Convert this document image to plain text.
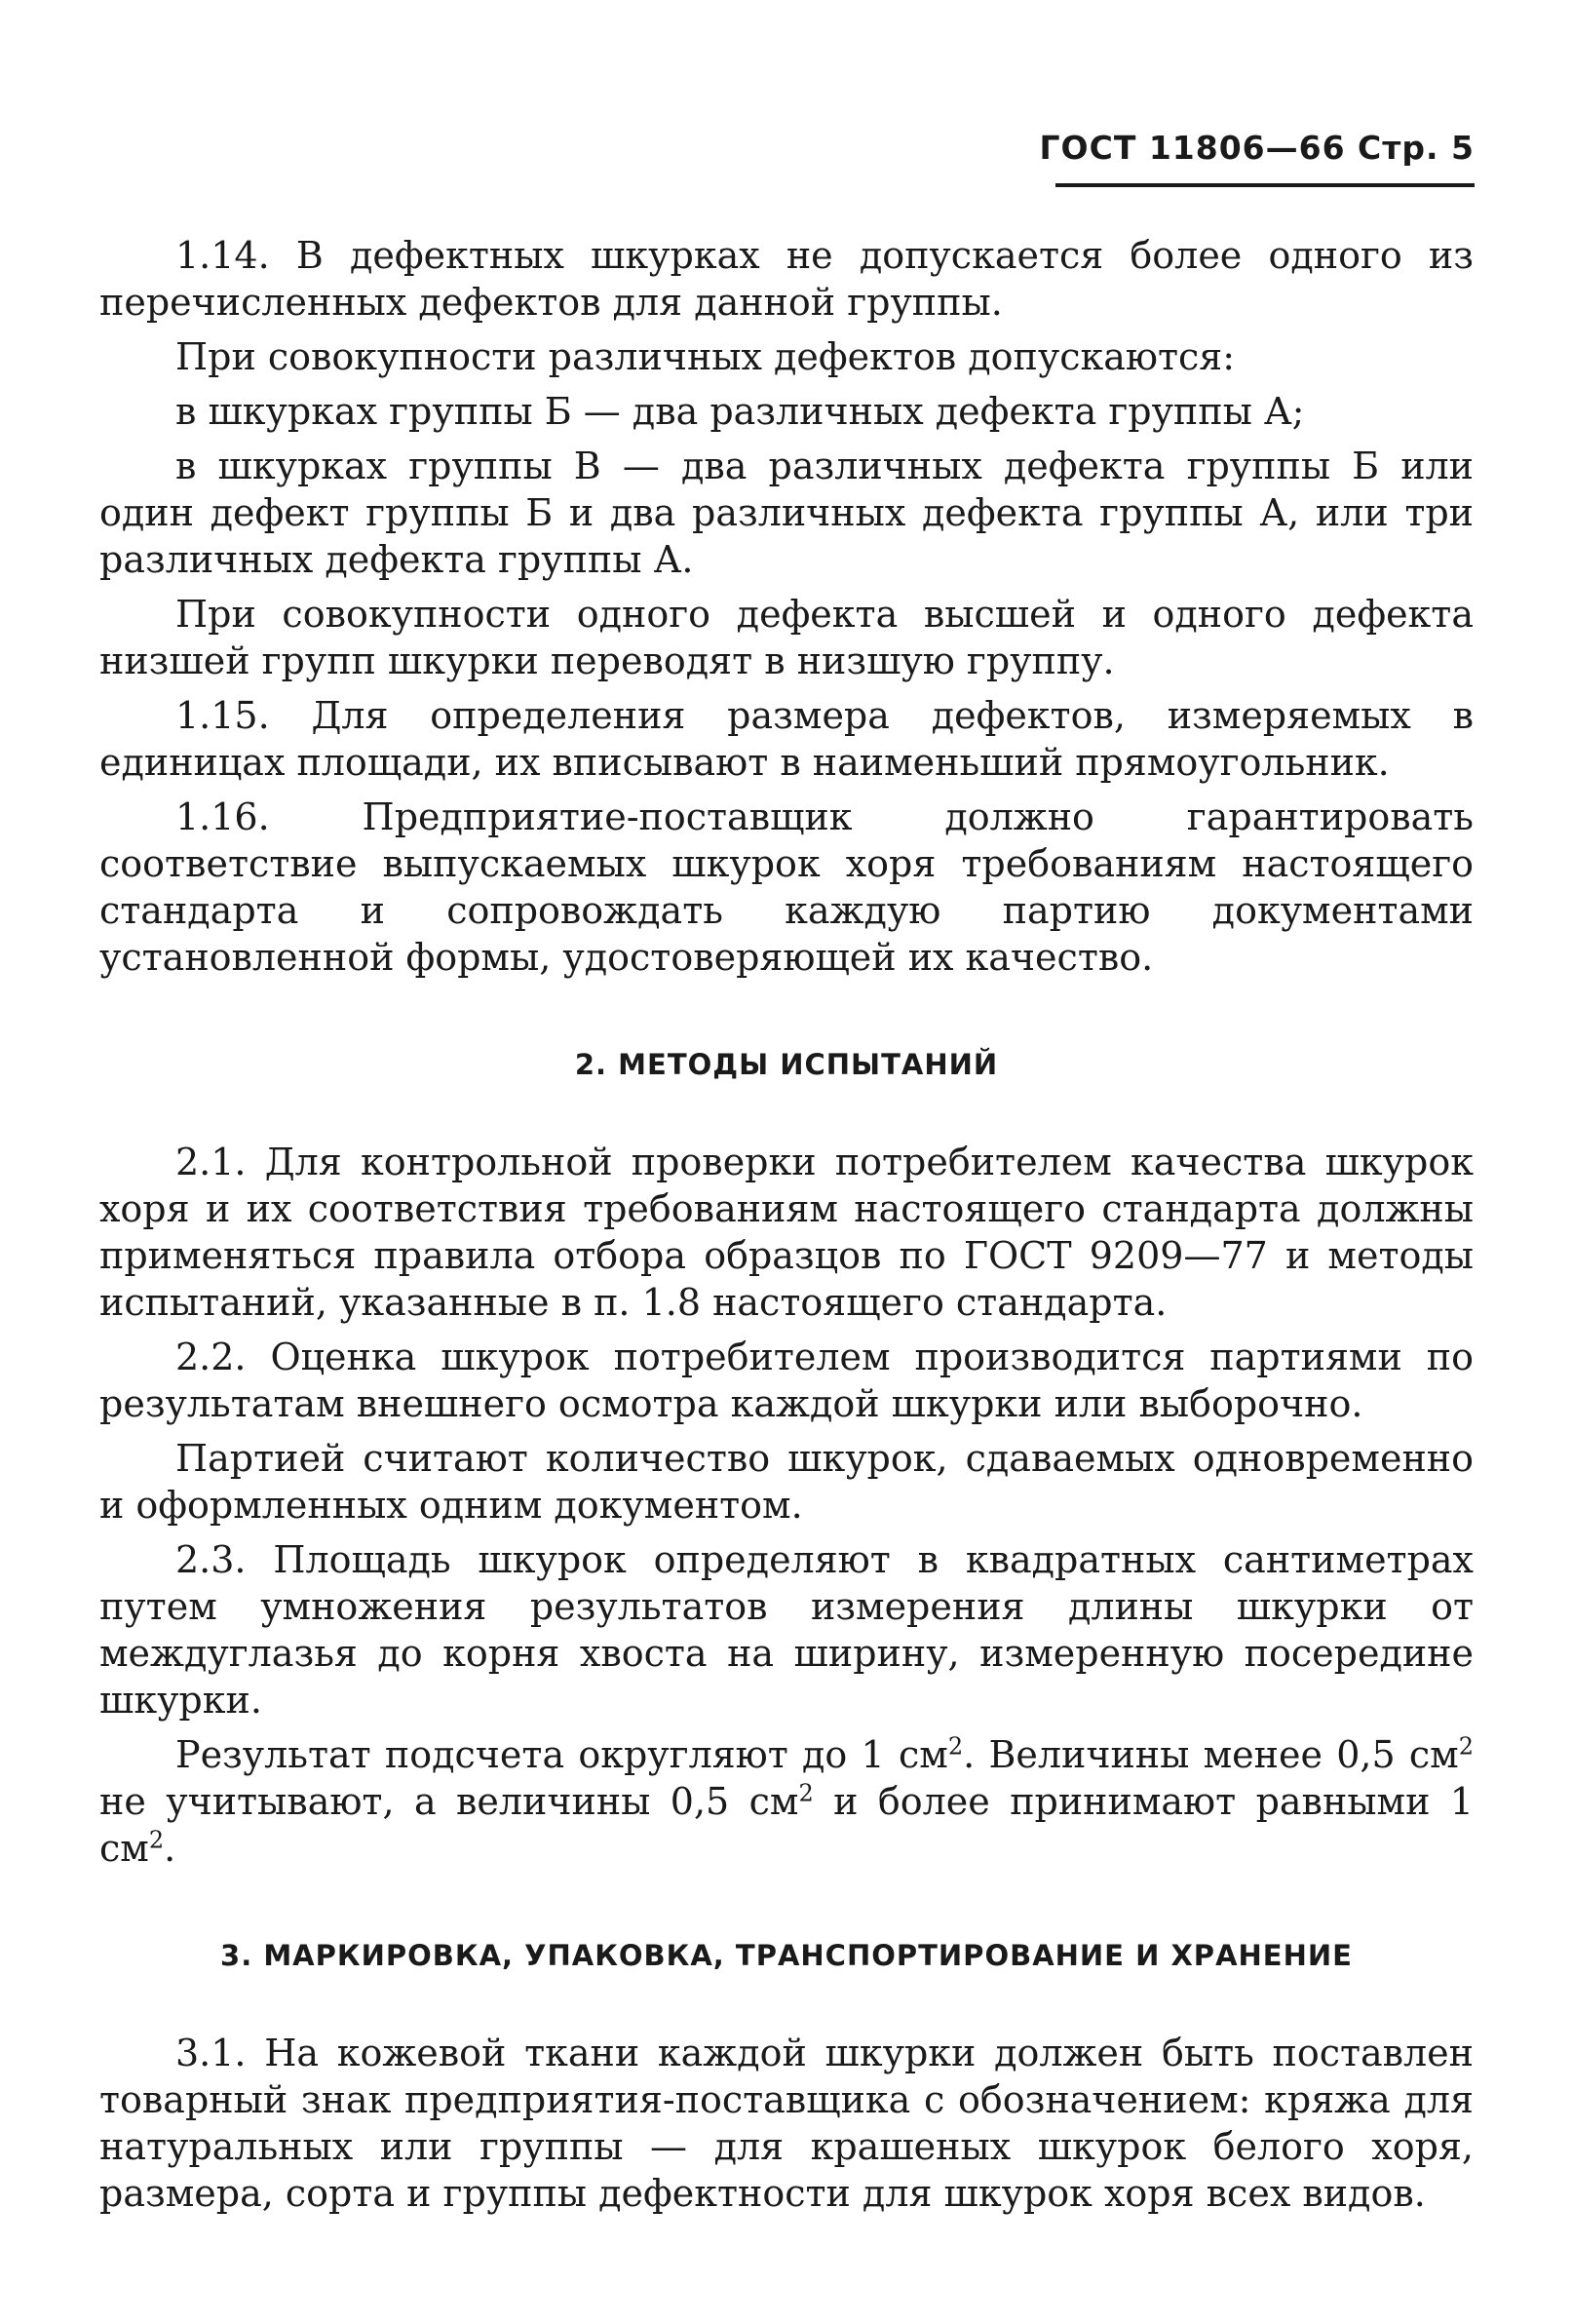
ГОСТ 11806—66 Стр. 5

1.14. В дефектных шкурках не допускается более одного из перечисленных дефектов для данной группы.

При совокупности различных дефектов допускаются:

в шкурках группы Б — два различных дефекта группы А;

в шкурках группы В — два различных дефекта группы Б или один дефект группы Б и два различных дефекта группы А, или три различных дефекта группы А.

При совокупности одного дефекта высшей и одного дефекта низшей групп шкурки переводят в низшую группу.

1.15. Для определения размера дефектов, измеряемых в единицах площади, их вписывают в наименьший прямоугольник.

1.16. Предприятие-поставщик должно гарантировать соответствие выпускаемых шкурок хоря требованиям настоящего стандарта и сопровождать каждую партию документами установленной формы, удостоверяющей их качество.

2. МЕТОДЫ ИСПЫТАНИЙ

2.1. Для контрольной проверки потребителем качества шкурок хоря и их соответствия требованиям настоящего стандарта должны применяться правила отбора образцов по ГОСТ 9209—77 и методы испытаний, указанные в п. 1.8 настоящего стандарта.

2.2. Оценка шкурок потребителем производится партиями по результатам внешнего осмотра каждой шкурки или выборочно.

Партией считают количество шкурок, сдаваемых одновременно и оформленных одним документом.

2.3. Площадь шкурок определяют в квадратных сантиметрах путем умножения результатов измерения длины шкурки от междуглазья до корня хвоста на ширину, измеренную посередине шкурки.

Результат подсчета округляют до 1 $см^2$. Величины менее 0,5 $см^2$ не учитывают, а величины 0,5 $см^2$ и более принимают равными 1 $см^2$.

3. МАРКИРОВКА, УПАКОВКА, ТРАНСПОРТИРОВАНИЕ И ХРАНЕНИЕ

3.1. На кожевой ткани каждой шкурки должен быть поставлен товарный знак предприятия-поставщика с обозначением: кряжа для натуральных или группы — для крашеных шкурок белого хоря, размера, сорта и группы дефектности для шкурок хоря всех видов.
